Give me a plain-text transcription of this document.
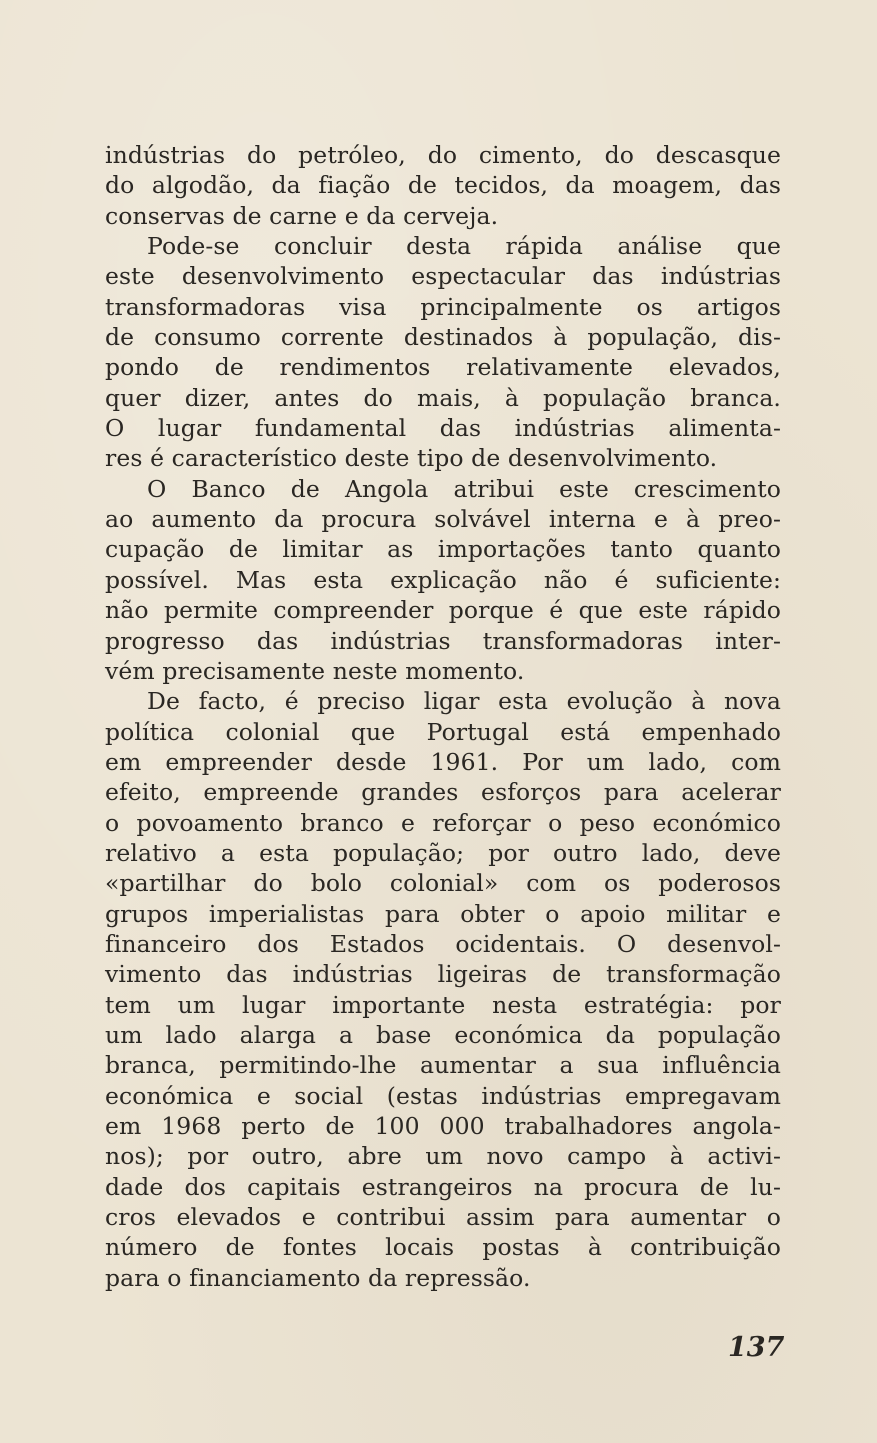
indústrias do petróleo, do cimento, do descasque
do algodão, da fiação de tecidos, da moagem, das
conservas de carne e da cerveja.
Pode-se concluir desta rápida análise que
este desenvolvimento espectacular das indústrias
transformadoras visa principalmente os artigos
de consumo corrente destinados à população, dis-
pondo de rendimentos relativamente elevados,
quer dizer, antes do mais, à população branca.
O lugar fundamental das indústrias alimenta-
res é característico deste tipo de desenvolvimento.
O Banco de Angola atribui este crescimento
ao aumento da procura solvável interna e à preo-
cupação de limitar as importações tanto quanto
possível. Mas esta explicação não é suficiente:
não permite compreender porque é que este rápido
progresso das indústrias transformadoras inter-
vém precisamente neste momento.
De facto, é preciso ligar esta evolução à nova
política colonial que Portugal está empenhado
em empreender desde 1961. Por um lado, com
efeito, empreende grandes esforços para acelerar
o povoamento branco e reforçar o peso económico
relativo a esta população; por outro lado, deve
«partilhar do bolo colonial» com os poderosos
grupos imperialistas para obter o apoio militar e
financeiro dos Estados ocidentais. O desenvol-
vimento das indústrias ligeiras de transformação
tem um lugar importante nesta estratégia: por
um lado alarga a base económica da população
branca, permitindo-lhe aumentar a sua influência
económica e social (estas indústrias empregavam
em 1968 perto de 100 000 trabalhadores angola-
nos); por outro, abre um novo campo à activi-
dade dos capitais estrangeiros na procura de lu-
cros elevados e contribui assim para aumentar o
número de fontes locais postas à contribuição
para o financiamento da repressão.
137
